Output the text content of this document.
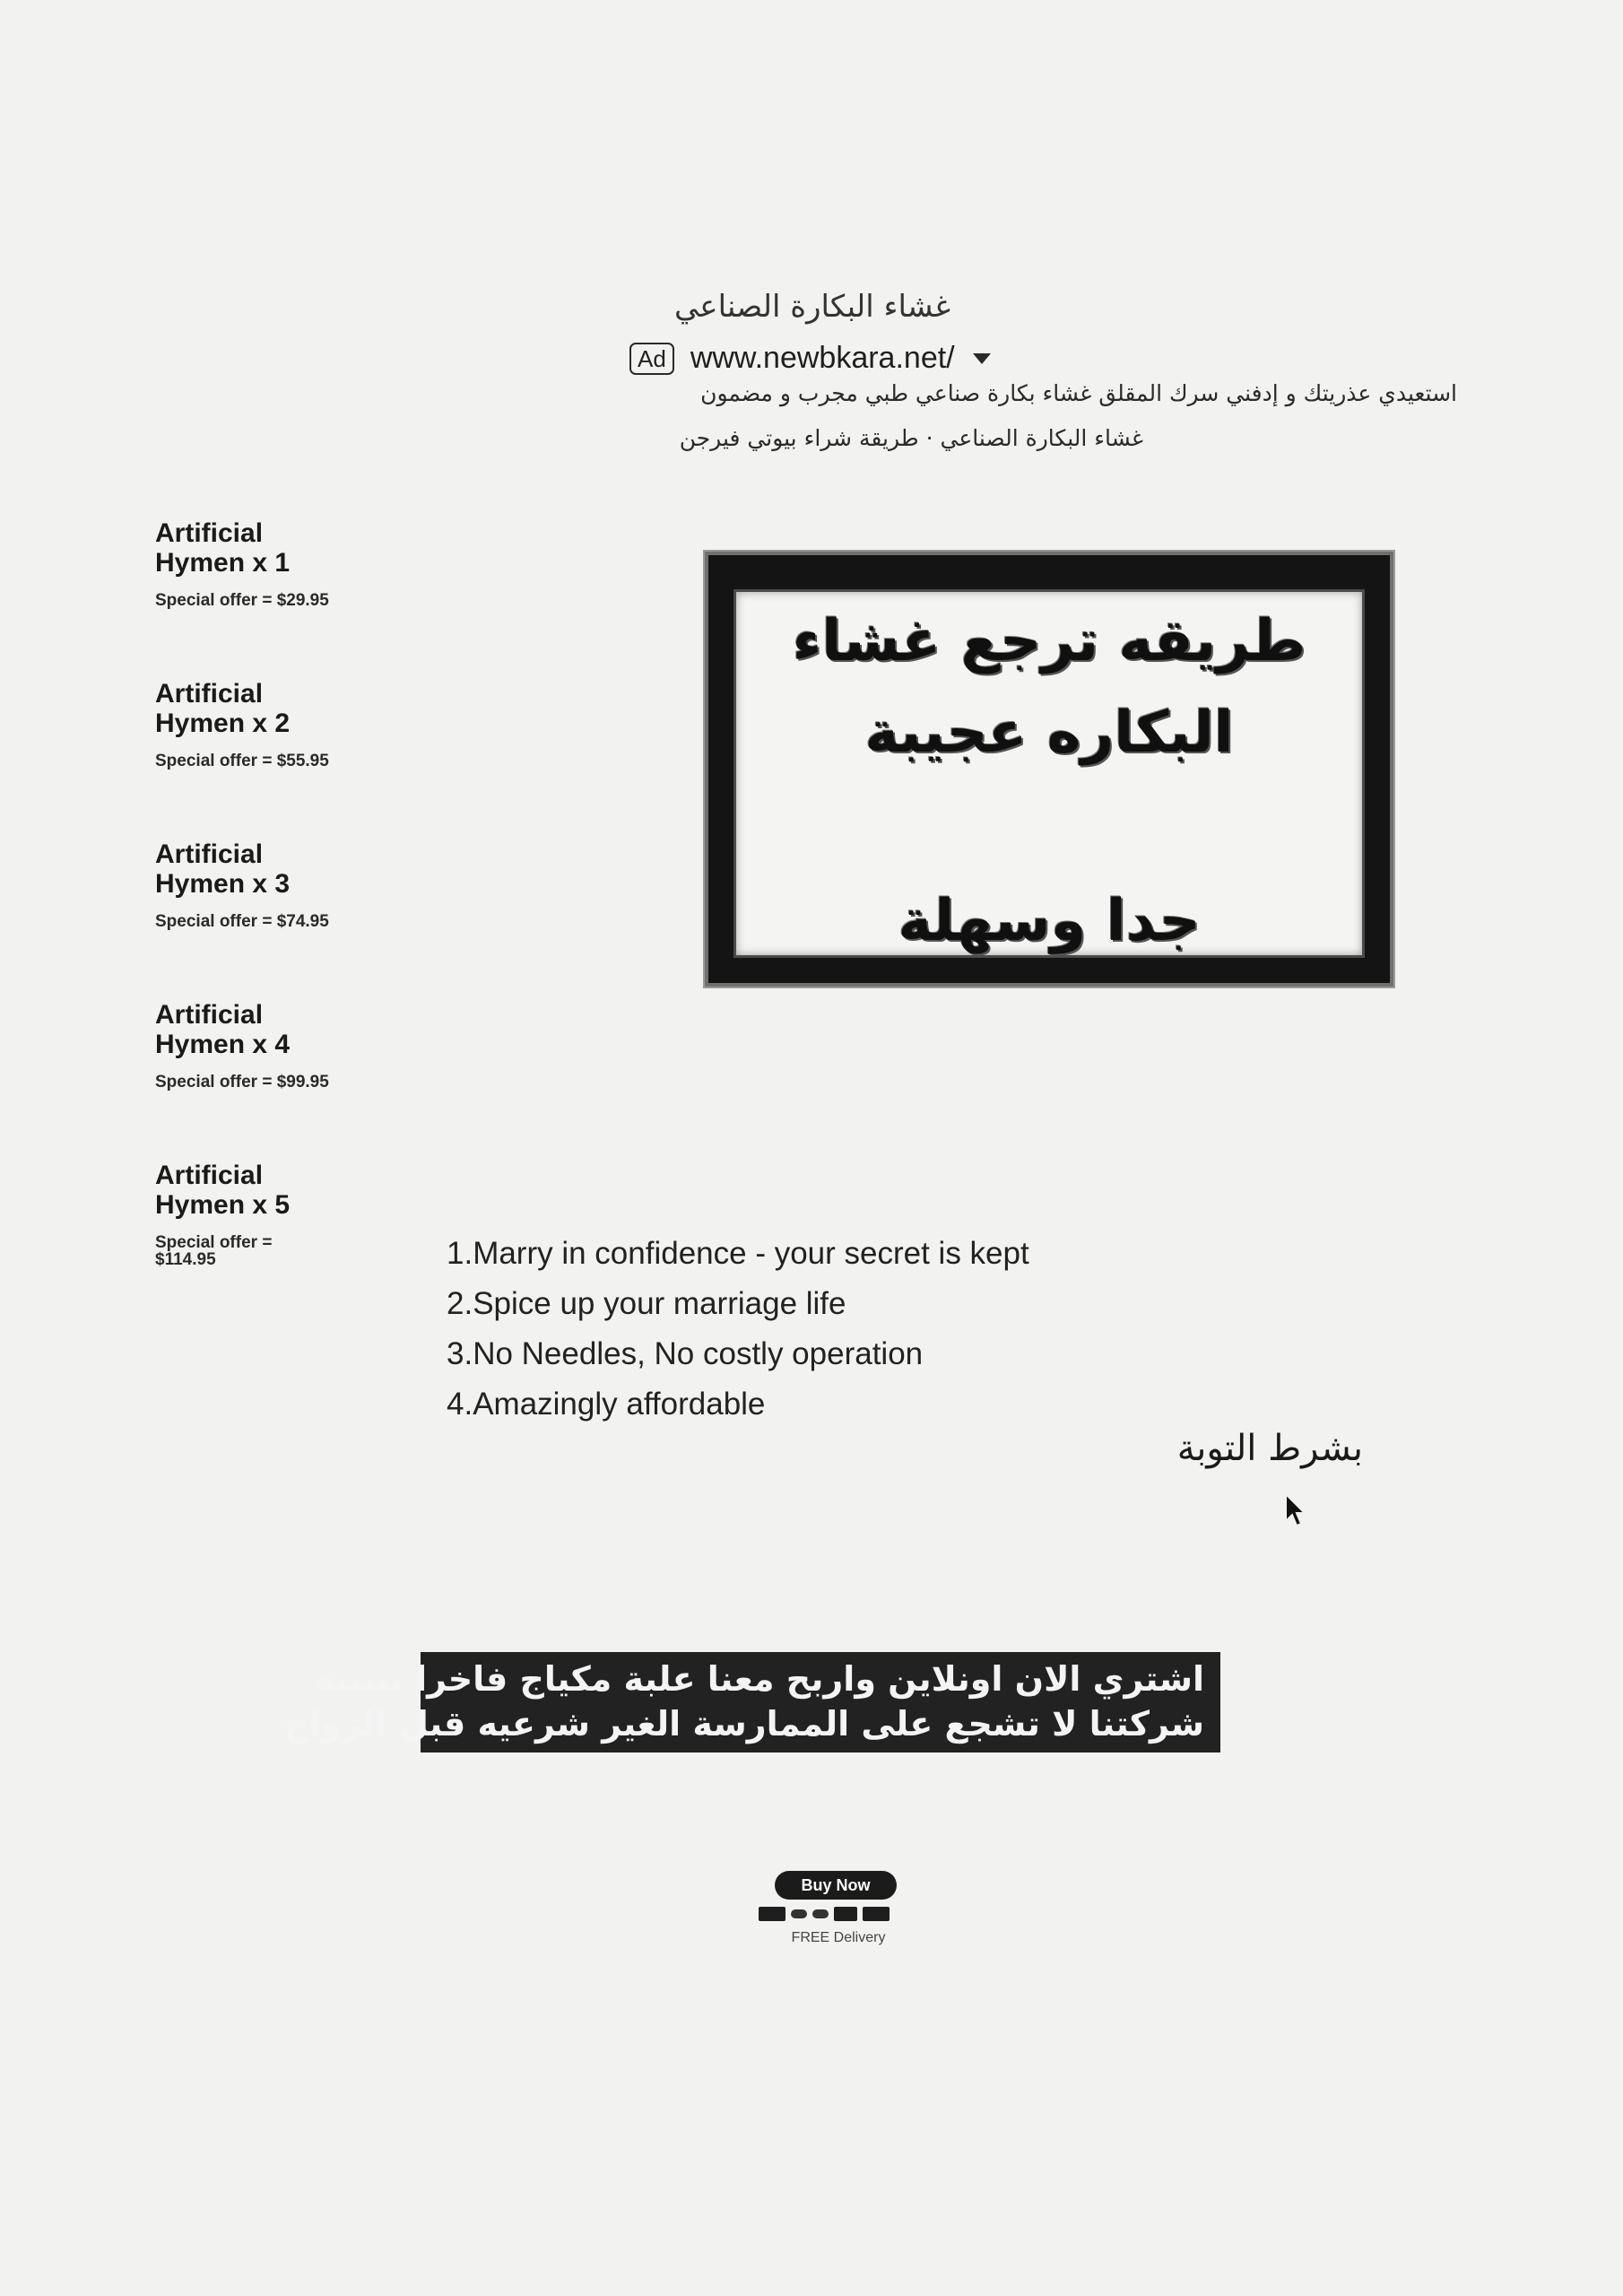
غشاء البكارة الصناعي
Ad www.newbkara.net/
استعيدي عذريتك و إدفني سرك المقلق غشاء بكارة صناعي طبي مجرب و مضمون
غشاء البكارة الصناعي · طريقة شراء بيوتي فيرجن
Artificial
Hymen x 1
Special offer = $29.95
Artificial
Hymen x 2
Special offer = $55.95
Artificial
Hymen x 3
Special offer = $74.95
Artificial
Hymen x 4
Special offer = $99.95
Artificial
Hymen x 5
Special offer =
$114.95
طريقه ترجع غشاء
البكاره عجيبة
جدا وسهلة
1.Marry in confidence - your secret is kept
2.Spice up your marriage life
3.No Needles, No costly operation
4.Amazingly affordable
بشرط التوبة
اشتري الان اونلاين واربح معنا علبة مكياج فاخرا بتنبيه
شركتنا لا تشجع على الممارسة الغير شرعيه قبل الزواج
Buy Now
FREE Delivery
